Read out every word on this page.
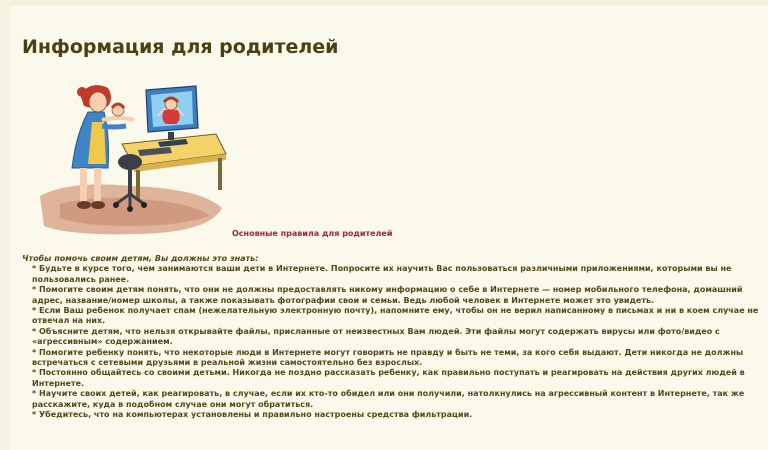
Информация для родителей
Основные правила для родителей
Чтобы помочь своим детям, Вы должны это знать:
* Будьте в курсе того, чем занимаются ваши дети в Интернете. Попросите их научить Вас пользоваться различными приложениями, которыми вы не пользовались ранее.
* Помогите своим детям понять, что они не должны предоставлять никому информацию о себе в Интернете — номер мобильного телефона, домашний адрес, название/номер школы, а также показывать фотографии свои и семьи. Ведь любой человек в Интернете может это увидеть.
* Если Ваш ребенок получает спам (нежелательную электронную почту), напомните ему, чтобы он не верил написанному в письмах и ни в коем случае не отвечал на них.
* Объясните детям, что нельзя открывайте файлы, присланные от неизвестных Вам людей. Эти файлы могут содержать вирусы или фото/видео с «агрессивным» содержанием.
* Помогите ребенку понять, что некоторые люди в Интернете могут говорить не правду и быть не теми, за кого себя выдают. Дети никогда не должны встречаться с сетевыми друзьями в реальной жизни самостоятельно без взрослых.
* Постоянно общайтесь со своими детьми. Никогда не поздно рассказать ребенку, как правильно поступать и реагировать на действия других людей в Интернете.
* Научите своих детей, как реагировать, в случае, если их кто-то обидел или они получили, натолкнулись на агрессивный контент в Интернете, так же расскажите, куда в подобном случае они могут обратиться.
* Убедитесь, что на компьютерах установлены и правильно настроены средства фильтрации.
